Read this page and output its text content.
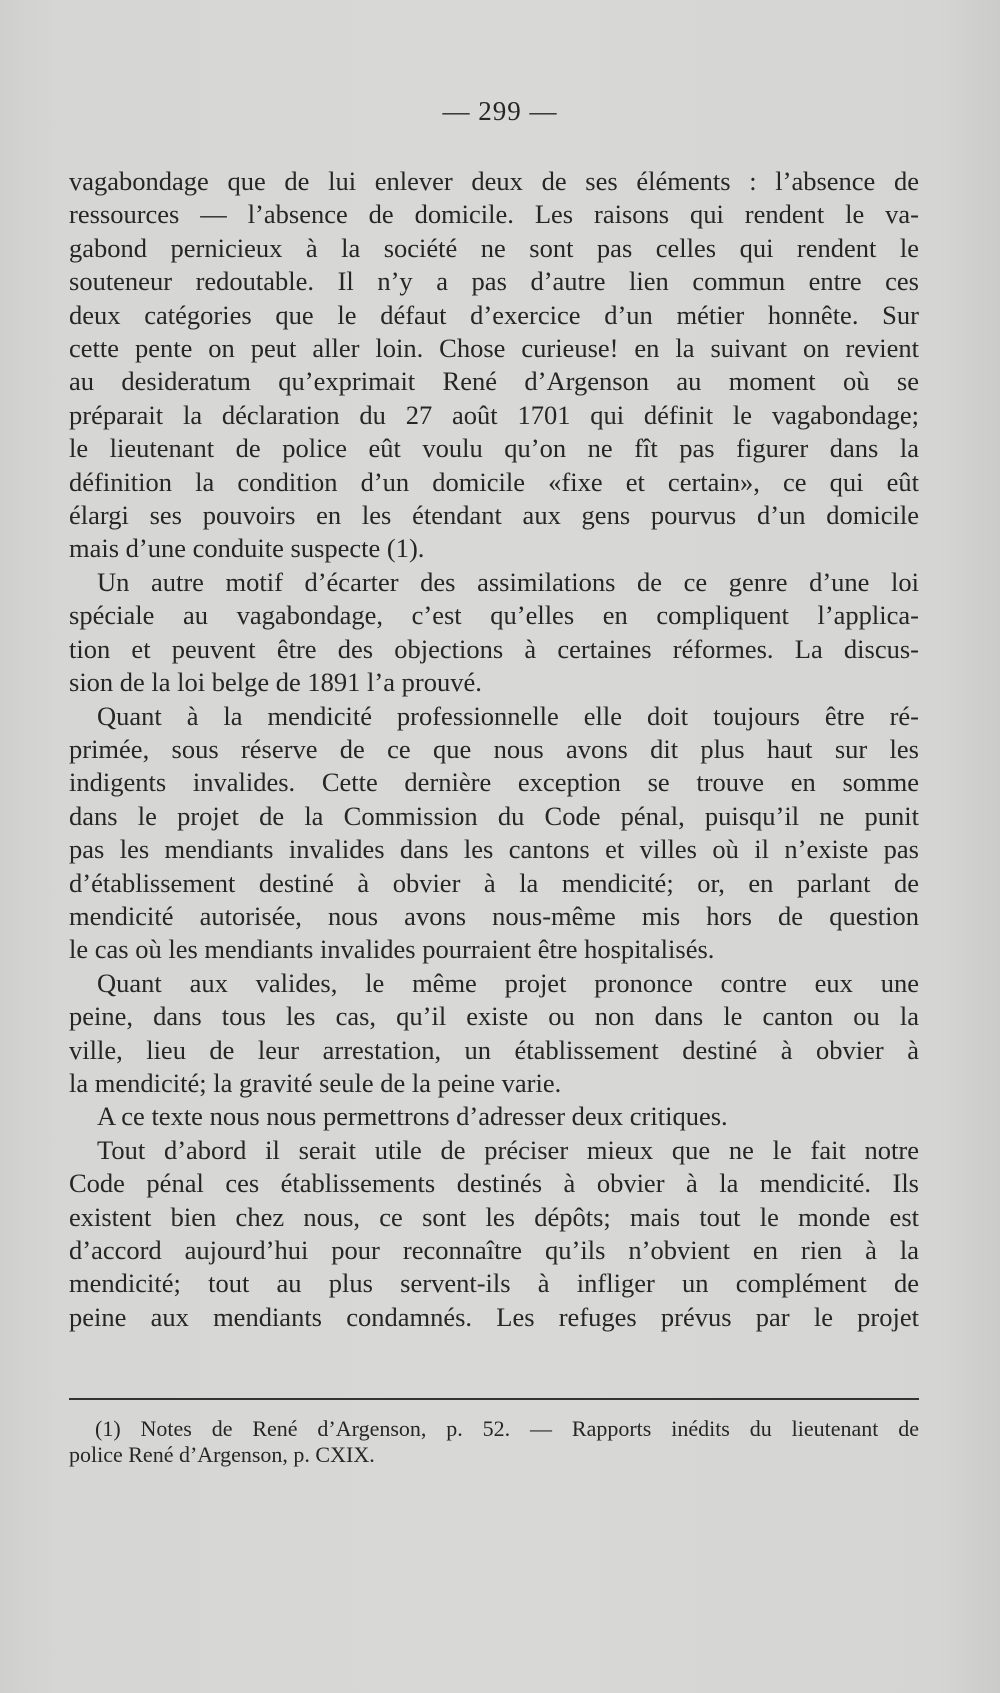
— 299 —
vagabondage que de lui enlever deux de ses éléments : l’absence de
ressources — l’absence de domicile. Les raisons qui rendent le va-
gabond pernicieux à la société ne sont pas celles qui rendent le
souteneur redoutable. Il n’y a pas d’autre lien commun entre ces
deux catégories que le défaut d’exercice d’un métier honnête. Sur
cette pente on peut aller loin. Chose curieuse! en la suivant on revient
au desideratum qu’exprimait René d’Argenson au moment où se
préparait la déclaration du 27 août 1701 qui définit le vagabondage;
le lieutenant de police eût voulu qu’on ne fît pas figurer dans la
définition la condition d’un domicile «fixe et certain», ce qui eût
élargi ses pouvoirs en les étendant aux gens pourvus d’un domicile
mais d’une conduite suspecte (1).
Un autre motif d’écarter des assimilations de ce genre d’une loi
spéciale au vagabondage, c’est qu’elles en compliquent l’applica-
tion et peuvent être des objections à certaines réformes. La discus-
sion de la loi belge de 1891 l’a prouvé.
Quant à la mendicité professionnelle elle doit toujours être ré-
primée, sous réserve de ce que nous avons dit plus haut sur les
indigents invalides. Cette dernière exception se trouve en somme
dans le projet de la Commission du Code pénal, puisqu’il ne punit
pas les mendiants invalides dans les cantons et villes où il n’existe pas
d’établissement destiné à obvier à la mendicité; or, en parlant de
mendicité autorisée, nous avons nous-même mis hors de question
le cas où les mendiants invalides pourraient être hospitalisés.
Quant aux valides, le même projet prononce contre eux une
peine, dans tous les cas, qu’il existe ou non dans le canton ou la
ville, lieu de leur arrestation, un établissement destiné à obvier à
la mendicité; la gravité seule de la peine varie.
A ce texte nous nous permettrons d’adresser deux critiques.
Tout d’abord il serait utile de préciser mieux que ne le fait notre
Code pénal ces établissements destinés à obvier à la mendicité. Ils
existent bien chez nous, ce sont les dépôts; mais tout le monde est
d’accord aujourd’hui pour reconnaître qu’ils n’obvient en rien à la
mendicité; tout au plus servent-ils à infliger un complément de
peine aux mendiants condamnés. Les refuges prévus par le projet
(1) Notes de René d’Argenson, p. 52. — Rapports inédits du lieutenant de
police René d’Argenson, p. CXIX.
